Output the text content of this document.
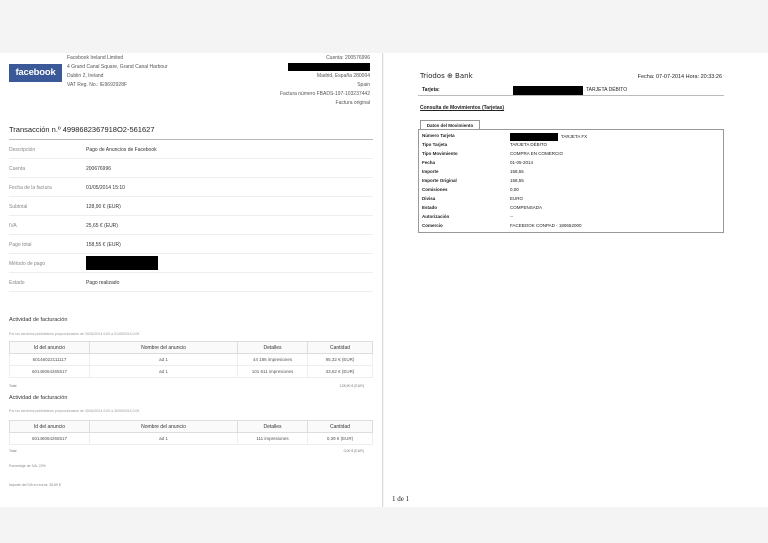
facebook
Facebook Ireland Limited
4 Grand Canal Square, Grand Canal Harbour
Dublin 2, Ireland
VAT Reg. No.: IE9692928F
Cuenta: 200576996
Madrid, España 280004
Spain
Factura número FBADS-197-103237442
Factura original
Transacción n.º 4998682367918O2-561627
Descripción	Pago de Anuncios de Facebook
Cuenta	200676996
Fecha de la factura	01/05/2014 15:10
Subtotal	128,90 € (EUR)
IVA	25,65 € (EUR)
Pago total	158,55 € (EUR)
Método de pago
Estado	Pago realizado
Actividad de facturación
Por los servicios publicitarios proporcionados de 30/04/2014 0:00 a 01/05/2014 0:00
Id del anuncio	Nombre del anuncio	Detalles	Cantidad
60146022111117	ad 1	44 186 impresiones	95,32 € (EUR)
60146064265517	ad 1	101 611 impresiones	33,62 € (EUR)
Total	128,90 € (EUR)
Actividad de facturación
Por los servicios publicitarios proporcionados de 30/04/2014 0:00 a 30/05/2014 0:00
Id del anuncio	Nombre del anuncio	Detalles	Cantidad
60146064265517	ad 1	111 impresiones	0,39 € (EUR)
Total	0,00 € (EUR)
Porcentaje de IVA: 22%
Importe del IVA en euros: 28,65 €
Triodos ⊕ Bank	Fecha: 07-07-2014 Hora: 20:33:26
Tarjeta:	TARJETA DÉBITO
Consulta de Movimientos (Tarjetas)
Datos del Movimiento
Número Tarjeta	TARJETA FX
Tipo Tarjeta	TARJETA DÉBITO
Tipo Movimiento	COMPRA EN COMERCIO
Fecha	01-05-2014
Importe	158,55
Importe Original	158,55
Comisiones	0,00
Divisa	EURO
Estado	COMPENSADA
Autorización	--
Comercio	FACEBOOK CONPAD - 180652000
1 de 1
